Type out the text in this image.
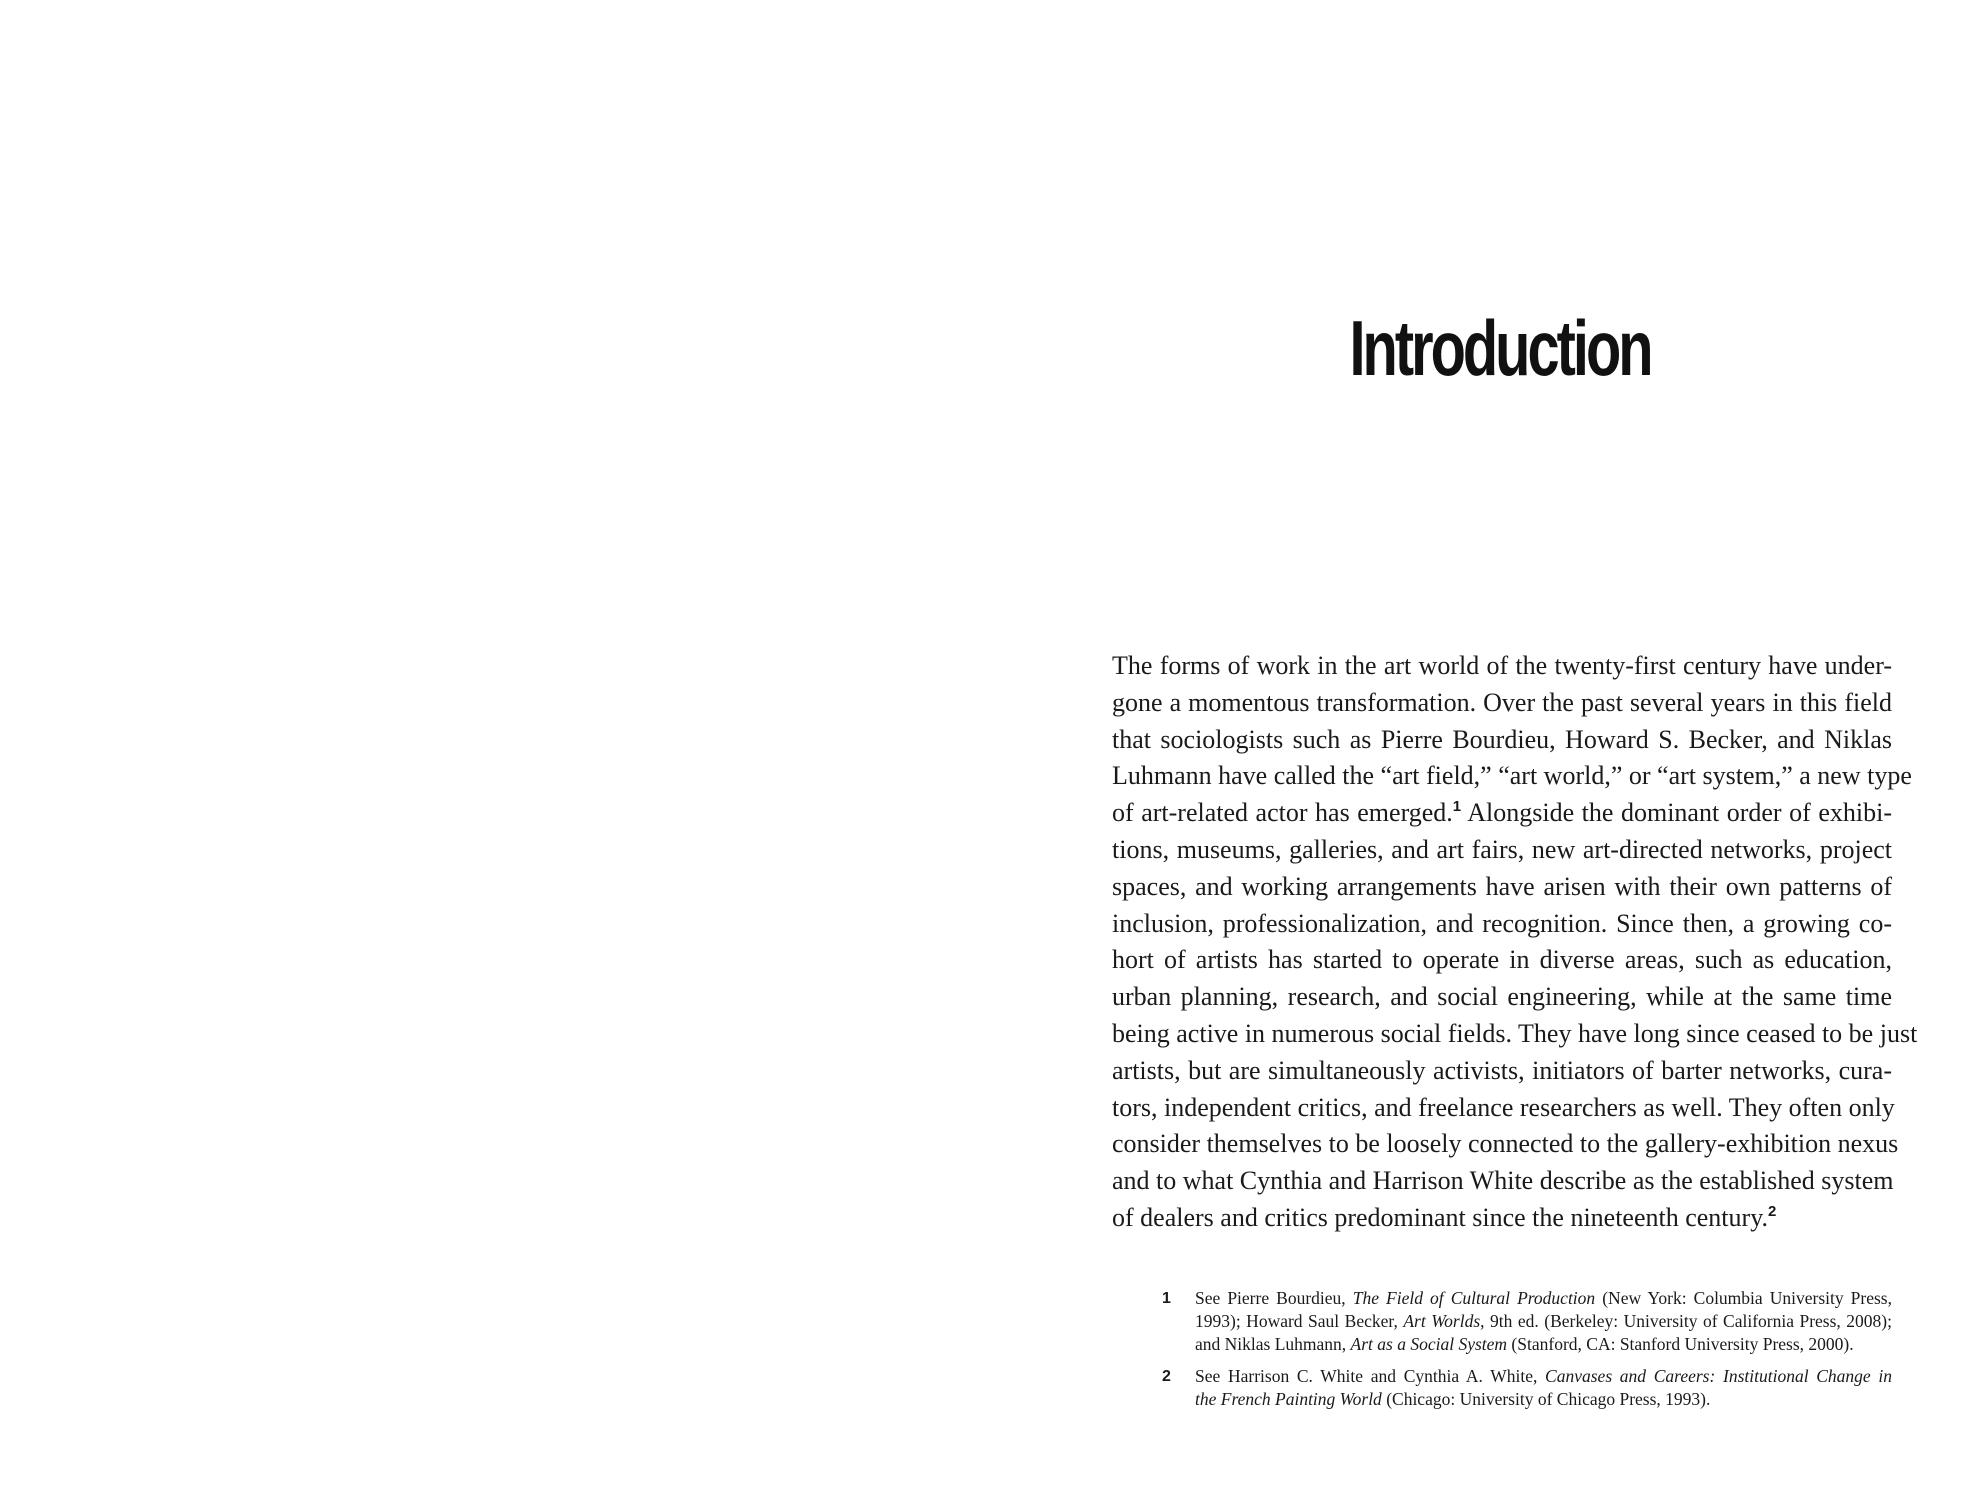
Introduction
The forms of work in the art world of the twenty-first century have under-
gone a momentous transformation. Over the past several years in this field
that sociologists such as Pierre Bourdieu, Howard S. Becker, and Niklas
Luhmann have called the “art field,” “art world,” or “art system,” a new type
of art-related actor has emerged.$^1$ Alongside the dominant order of exhibi-
tions, museums, galleries, and art fairs, new art-directed networks, project
spaces, and working arrangements have arisen with their own patterns of
inclusion, professionalization, and recognition. Since then, a growing co-
hort of artists has started to operate in diverse areas, such as education,
urban planning, research, and social engineering, while at the same time
being active in numerous social fields. They have long since ceased to be just
artists, but are simultaneously activists, initiators of barter networks, cura-
tors, independent critics, and freelance researchers as well. They often only
consider themselves to be loosely connected to the gallery-exhibition nexus
and to what Cynthia and Harrison White describe as the established system
of dealers and critics predominant since the nineteenth century.$^2$
1 See Pierre Bourdieu, The Field of Cultural Production (New York: Columbia University Press,
1993); Howard Saul Becker, Art Worlds, 9th ed. (Berkeley: University of California Press, 2008);
and Niklas Luhmann, Art as a Social System (Stanford, CA: Stanford University Press, 2000).
2 See Harrison C. White and Cynthia A. White, Canvases and Careers: Institutional Change in
the French Painting World (Chicago: University of Chicago Press, 1993).
